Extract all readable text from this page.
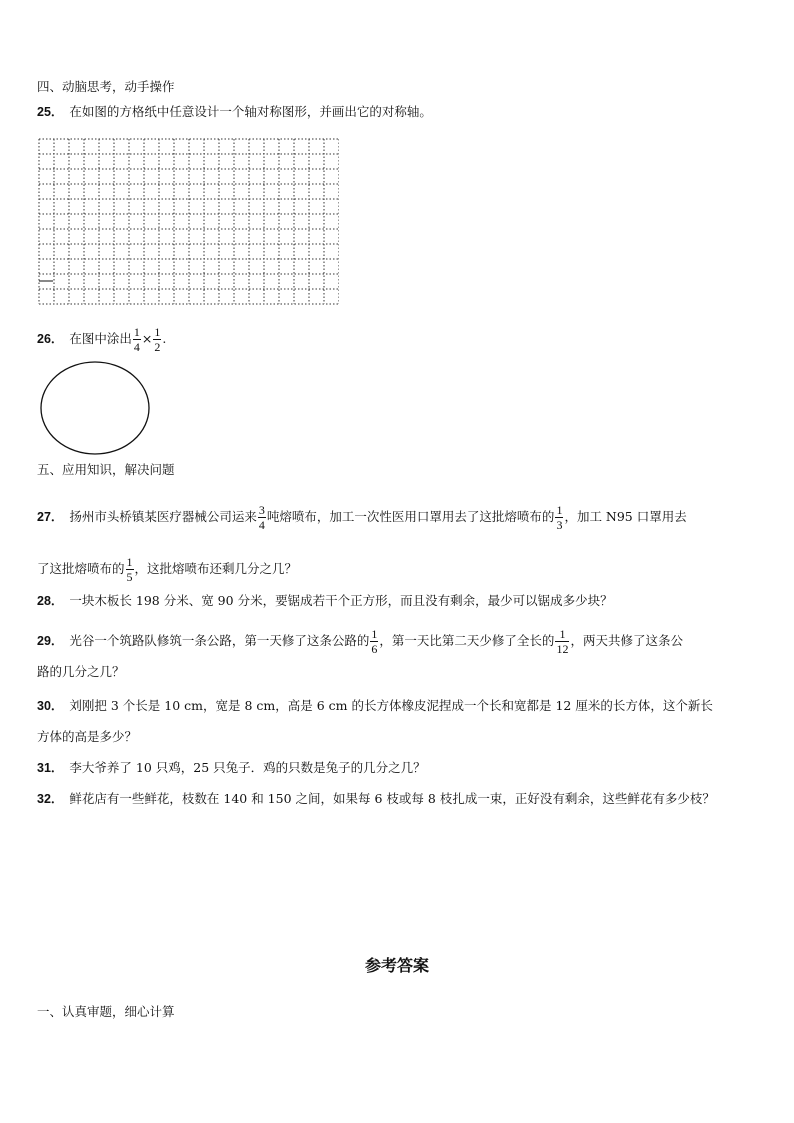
四、动脑思考，动手操作
25． 在如图的方格纸中任意设计一个轴对称图形，并画出它的对称轴。
26． 在图中涂出 $\frac{1}{4} \times \frac{1}{2}$ .
五、应用知识，解决问题
27． 扬州市头桥镇某医疗器械公司运来 $\frac{3}{4}$ 吨熔喷布，加工一次性医用口罩用去了这批熔喷布的 $\frac{1}{3}$ ，加工 N95 口罩用去
了这批熔喷布的 $\frac{1}{5}$ ，这批熔喷布还剩几分之几？
28． 一块木板长 198 分米、宽 90 分米，要锯成若干个正方形，而且没有剩余，最少可以锯成多少块？
29． 光谷一个筑路队修筑一条公路，第一天修了这条公路的 $\frac{1}{6}$ ，第一天比第二天少修了全长的 $\frac{1}{12}$ ，两天共修了这条公
路的几分之几？
30． 刘刚把 3 个长是 10 cm，宽是 8 cm，高是 6 cm 的长方体橡皮泥捏成一个长和宽都是 12 厘米的长方体，这个新长
方体的高是多少？
31． 李大爷养了 10 只鸡，25 只兔子．鸡的只数是兔子的几分之几？
32． 鲜花店有一些鲜花，枝数在 140 和 150 之间，如果每 6 枝或每 8 枝扎成一束，正好没有剩余，这些鲜花有多少枝？
参考答案
一、认真审题，细心计算
